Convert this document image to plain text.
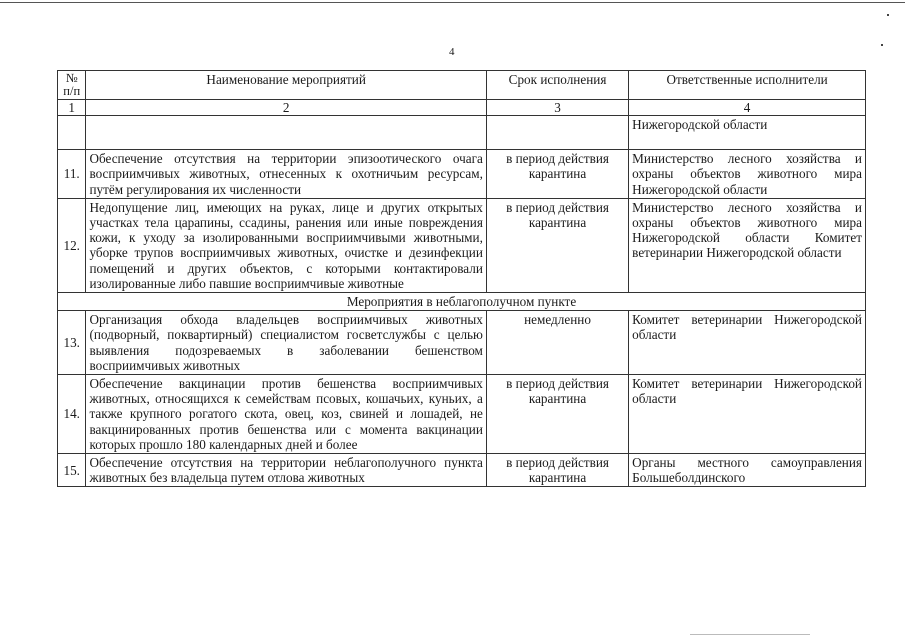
4
№ п/п	Наименование мероприятий	Срок исполнения	Ответственные исполнители
1	2	3	4
			Нижегородской области
11.	Обеспечение отсутствия на территории эпизоотического очага восприимчивых животных, отнесенных к охотничьим ресурсам, путём регулирования их численности	в период действия карантина	Министерство лесного хозяйства и охраны объектов животного мира Нижегородской области
12.	Недопущение лиц, имеющих на руках, лице и других открытых участках тела царапины, ссадины, ранения или иные повреждения кожи, к уходу за изолированными восприимчивыми животными, уборке трупов восприимчивых животных, очистке и дезинфекции помещений и других объектов, с которыми контактировали изолированные либо павшие восприимчивые животные	в период действия карантина	Министерство лесного хозяйства и охраны объектов животного мира Нижегородской области Комитет ветеринарии Нижегородской области
Мероприятия в неблагополучном пункте			
13.	Организация обхода владельцев восприимчивых животных (подворный, поквартирный) специалистом госветслужбы с целью выявления подозреваемых в заболевании бешенством восприимчивых животных	немедленно	Комитет ветеринарии Нижегородской области
14.	Обеспечение вакцинации против бешенства восприимчивых животных, относящихся к семействам псовых, кошачьих, куньих, а также крупного рогатого скота, овец, коз, свиней и лошадей, не вакцинированных против бешенства или с момента вакцинации которых прошло 180 календарных дней и более	в период действия карантина	Комитет ветеринарии Нижегородской области
15.	Обеспечение отсутствия на территории неблагополучного пункта животных без владельца путем отлова животных	в период действия карантина	Органы местного самоуправления Большеболдинского
